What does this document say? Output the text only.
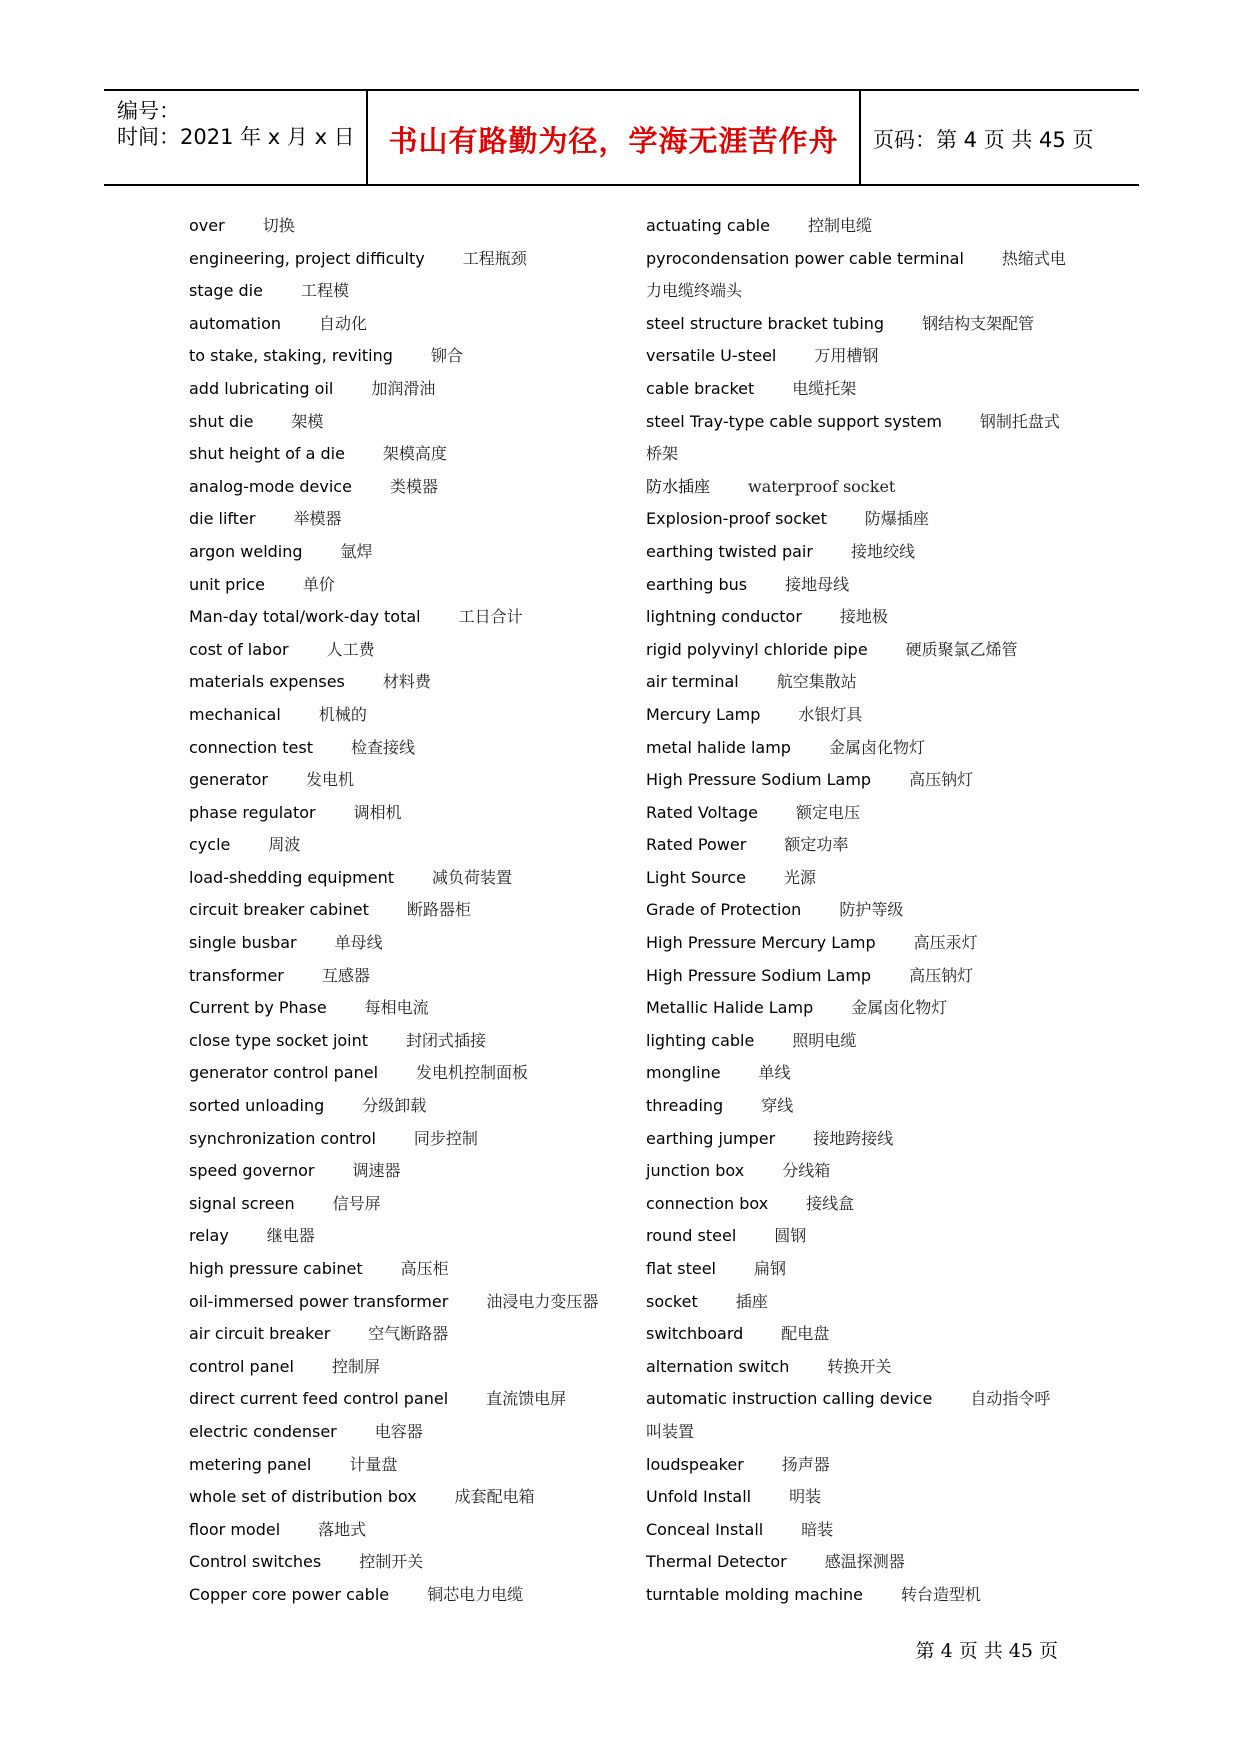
编号：
时间：2021 年 x 月 x 日	书山有路勤为径，学海无涯苦作舟	页码：第 4 页 共 45 页
over 切换
engineering, project difficulty 工程瓶颈
stage die 工程模
automation 自动化
to stake, staking, reviting 铆合
add lubricating oil 加润滑油
shut die 架模
shut height of a die 架模高度
analog-mode device 类模器
die lifter 举模器
argon welding 氩焊
unit price 单价
Man-day total/work-day total 工日合计
cost of labor 人工费
materials expenses 材料费
mechanical 机械的
connection test 检查接线
generator 发电机
phase regulator 调相机
cycle 周波
load-shedding equipment 减负荷装置
circuit breaker cabinet 断路器柜
single busbar 单母线
transformer 互感器
Current by Phase 每相电流
close type socket joint 封闭式插接
generator control panel 发电机控制面板
sorted unloading 分级卸载
synchronization control 同步控制
speed governor 调速器
signal screen 信号屏
relay 继电器
high pressure cabinet 高压柜
oil-immersed power transformer 油浸电力变压器
air circuit breaker 空气断路器
control panel 控制屏
direct current feed control panel 直流馈电屏
electric condenser 电容器
metering panel 计量盘
whole set of distribution box 成套配电箱
floor model 落地式
Control switches 控制开关
Copper core power cable 铜芯电力电缆
actuating cable 控制电缆
pyrocondensation power cable terminal 热缩式电力电缆终端头
steel structure bracket tubing 钢结构支架配管
versatile U-steel 万用槽钢
cable bracket 电缆托架
steel Tray-type cable support system 钢制托盘式桥架
防水插座 waterproof socket
Explosion-proof socket 防爆插座
earthing twisted pair 接地绞线
earthing bus 接地母线
lightning conductor 接地极
rigid polyvinyl chloride pipe 硬质聚氯乙烯管
air terminal 航空集散站
Mercury Lamp 水银灯具
metal halide lamp 金属卤化物灯
High Pressure Sodium Lamp 高压钠灯
Rated Voltage 额定电压
Rated Power 额定功率
Light Source 光源
Grade of Protection 防护等级
High Pressure Mercury Lamp 高压汞灯
High Pressure Sodium Lamp 高压钠灯
Metallic Halide Lamp 金属卤化物灯
lighting cable 照明电缆
mongline 单线
threading 穿线
earthing jumper 接地跨接线
junction box 分线箱
connection box 接线盒
round steel 圆钢
flat steel 扁钢
socket 插座
switchboard 配电盘
alternation switch 转换开关
automatic instruction calling device 自动指令呼叫装置
loudspeaker 扬声器
Unfold Install 明装
Conceal Install 暗装
Thermal Detector 感温探测器
turntable molding machine 转台造型机
第 4 页 共 45 页
